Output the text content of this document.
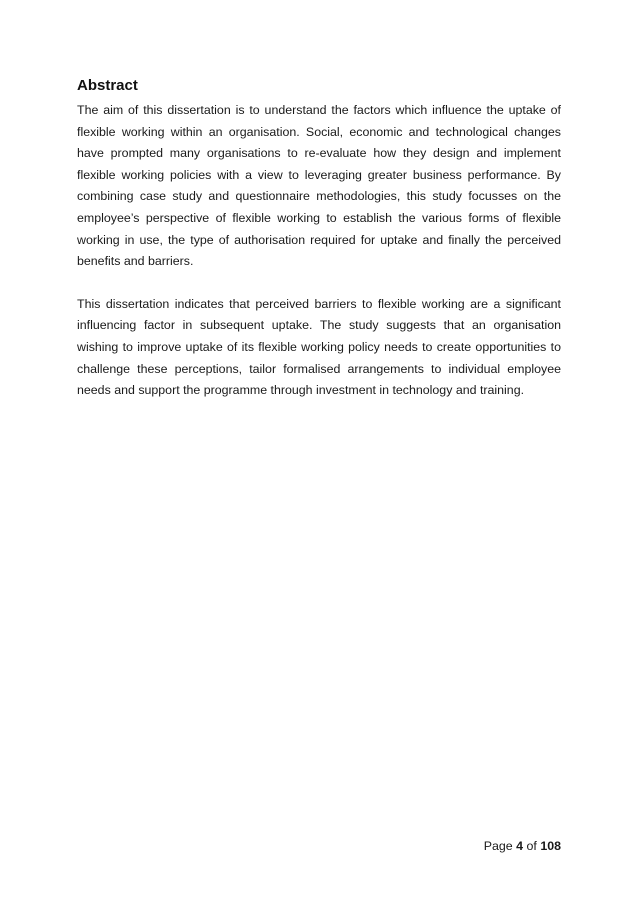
Abstract

The aim of this dissertation is to understand the factors which influence the uptake of flexible working within an organisation. Social, economic and technological changes have prompted many organisations to re-evaluate how they design and implement flexible working policies with a view to leveraging greater business performance. By combining case study and questionnaire methodologies, this study focusses on the employee’s perspective of flexible working to establish the various forms of flexible working in use, the type of authorisation required for uptake and finally the perceived benefits and barriers.

This dissertation indicates that perceived barriers to flexible working are a significant influencing factor in subsequent uptake. The study suggests that an organisation wishing to improve uptake of its flexible working policy needs to create opportunities to challenge these perceptions, tailor formalised arrangements to individual employee needs and support the programme through investment in technology and training.

Page 4 of 108
